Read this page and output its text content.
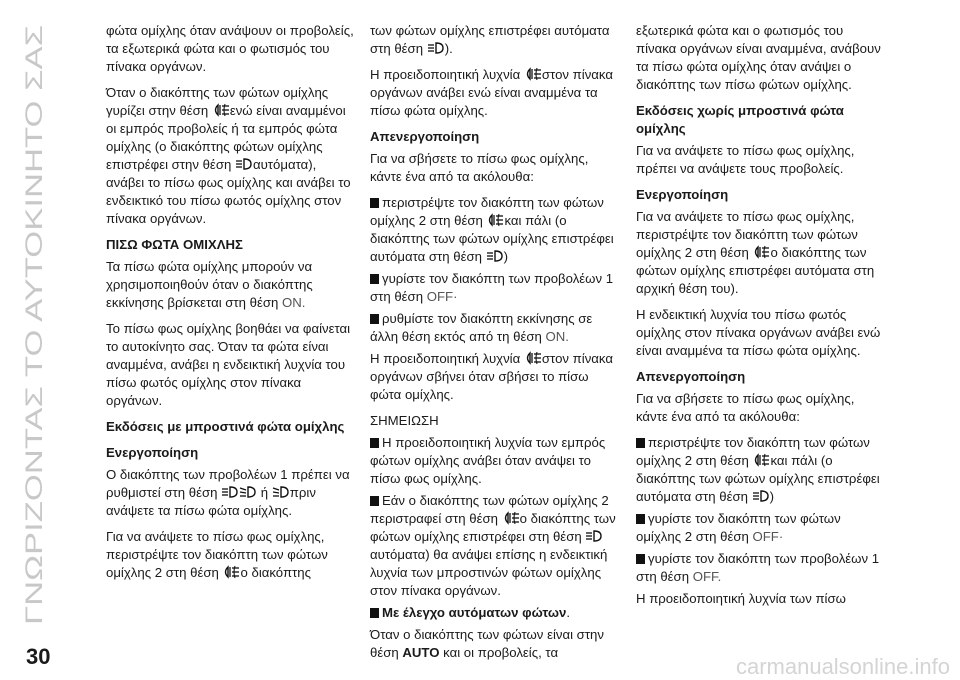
ΓΝΩΡΙΖΟΝΤΑΣ ΤΟ ΑΥΤΟΚΙΝΗΤΟ ΣΑΣ

φώτα ομίχλης όταν ανάψουν οι προβολείς, τα εξωτερικά φώτα και ο φωτισμός του πίνακα οργάνων.

Όταν ο διακόπτης των φώτων ομίχλης γυρίζει στην θέση ενώ είναι αναμμένοι οι εμπρός προβολείς ή τα εμπρός φώτα ομίχλης (ο διακόπτης φώτων ομίχλης επιστρέφει στην θέση αυτόματα), ανάβει το πίσω φως ομίχλης και ανάβει το ενδεικτικό του πίσω φωτός ομίχλης στον πίνακα οργάνων.

ΠΙΣΩ ΦΩΤΑ ΟΜΙΧΛΗΣ

Τα πίσω φώτα ομίχλης μπορούν να χρησιμοποιηθούν όταν ο διακόπτης εκκίνησης βρίσκεται στη θέση ON.

Το πίσω φως ομίχλης βοηθάει να φαίνεται το αυτοκίνητο σας. Όταν τα φώτα είναι αναμμένα, ανάβει η ενδεικτική λυχνία του πίσω φωτός ομίχλης στον πίνακα οργάνων.

Εκδόσεις με μπροστινά φώτα ομίχλης
Ενεργοποίηση

Ο διακόπτης των προβολέων 1 πρέπει να ρυθμιστεί στη θέση	ή πριν ανάψετε τα πίσω φώτα ομίχλης.

Για να ανάψετε το πίσω φως ομίχλης, περιστρέψτε τον διακόπτη των φώτων ομίχλης 2 στη θέση ο διακόπτης

των φώτων ομίχλης επιστρέφει αυτόματα στη θέση ).

Η προειδοποιητική λυχνία στον πίνακα οργάνων ανάβει ενώ είναι αναμμένα τα πίσω φώτα ομίχλης.

Απενεργοποίηση

Για να σβήσετε το πίσω φως ομίχλης, κάντε ένα από τα ακόλουθα:

περιστρέψτε τον διακόπτη των φώτων ομίχλης 2 στη θέση και πάλι (ο διακόπτης των φώτων ομίχλης επιστρέφει αυτόματα στη θέση )

γυρίστε τον διακόπτη των προβολέων 1 στη θέση OFF·

ρυθμίστε τον διακόπτη εκκίνησης σε άλλη θέση εκτός από τη θέση ON.

Η προειδοποιητική λυχνία στον πίνακα οργάνων σβήνει όταν σβήσει το πίσω φώτα ομίχλης.

ΣΗΜΕΙΩΣΗ

Η προειδοποιητική λυχνία των εμπρός φώτων ομίχλης ανάβει όταν ανάψει το πίσω φως ομίχλης.

Εάν ο διακόπτης των φώτων ομίχλης 2 περιστραφεί στη θέση ο διακόπτης των φώτων ομίχλης επιστρέφει στη θέση
αυτόματα) θα ανάψει επίσης η ενδεικτική λυχνία των μπροστινών φώτων ομίχλης στον πίνακα οργάνων.

Με έλεγχο αυτόματων φώτων.

Όταν ο διακόπτης των φώτων είναι στην θέση AUTO και οι προβολείς, τα

εξωτερικά φώτα και ο φωτισμός του πίνακα οργάνων είναι αναμμένα, ανάβουν τα πίσω φώτα ομίχλης όταν ανάψει ο διακόπτης των πίσω φώτων ομίχλης.

Εκδόσεις χωρίς μπροστινά φώτα ομίχλης

Για να ανάψετε το πίσω φως ομίχλης, πρέπει να ανάψετε τους προβολείς.

Ενεργοποίηση

Για να ανάψετε το πίσω φως ομίχλης, περιστρέψτε τον διακόπτη των φώτων ομίχλης 2 στη θέση ο διακόπτης των φώτων ομίχλης επιστρέφει αυτόματα στη αρχική θέση του).

Η ενδεικτική λυχνία του πίσω φωτός ομίχλης στον πίνακα οργάνων ανάβει ενώ είναι αναμμένα τα πίσω φώτα ομίχλης.

Απενεργοποίηση

Για να σβήσετε το πίσω φως ομίχλης, κάντε ένα από τα ακόλουθα:

περιστρέψτε τον διακόπτη των φώτων ομίχλης 2 στη θέση και πάλι (ο διακόπτης των φώτων ομίχλης επιστρέφει αυτόματα στη θέση )

γυρίστε τον διακόπτη των φώτων ομίχλης 2 στη θέση OFF·

γυρίστε τον διακόπτη των προβολέων 1 στη θέση OFF.

Η προειδοποιητική λυχνία των πίσω

30	carmanualsonline.info
